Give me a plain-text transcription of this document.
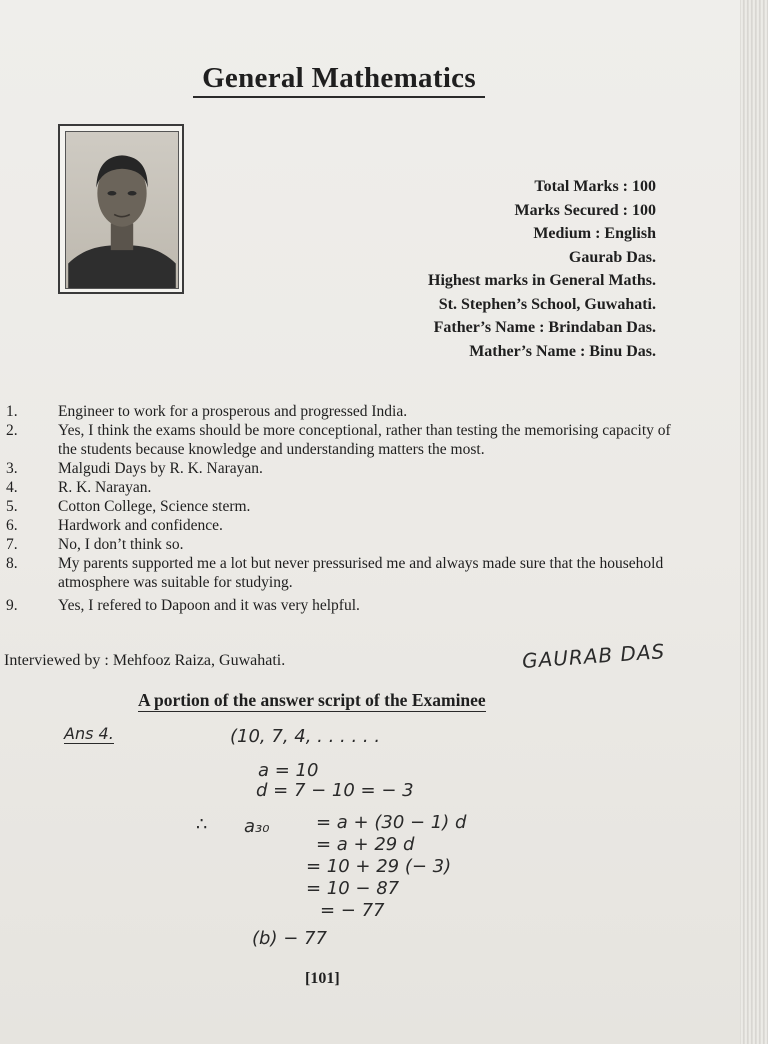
General Mathematics
Total Marks : 100
Marks Secured : 100
Medium : English
Gaurab Das.
Highest marks in General Maths.
St. Stephen’s School, Guwahati.
Father’s Name : Brindaban Das.
Mather’s Name : Binu Das.
1.	Engineer to work for a prosperous and progressed India.
2.	Yes, I think the exams should be more conceptional, rather than testing the memorising capacity of the students because knowledge and understanding matters the most.
3.	Malgudi Days by R. K. Narayan.
4.	R. K. Narayan.
5.	Cotton College, Science sterm.
6.	Hardwork and confidence.
7.	No, I don’t think so.
8.	My parents supported me a lot but never pressurised me and always made sure that the household atmosphere was suitable for studying.
9.	Yes, I refered to Dapoon and it was very helpful.
Interviewed by : Mehfooz Raiza, Guwahati.	GAURAB DAS
A portion of the answer script of the Examinee
Ans 4.	(10, 7, 4, . . . . . .
a = 10
d = 7 − 10 = − 3
∴ a₃₀	= a + (30 − 1) d
= a + 29 d
= 10 + 29 (− 3)
= 10 − 87
= − 77
(b) − 77
[101]
